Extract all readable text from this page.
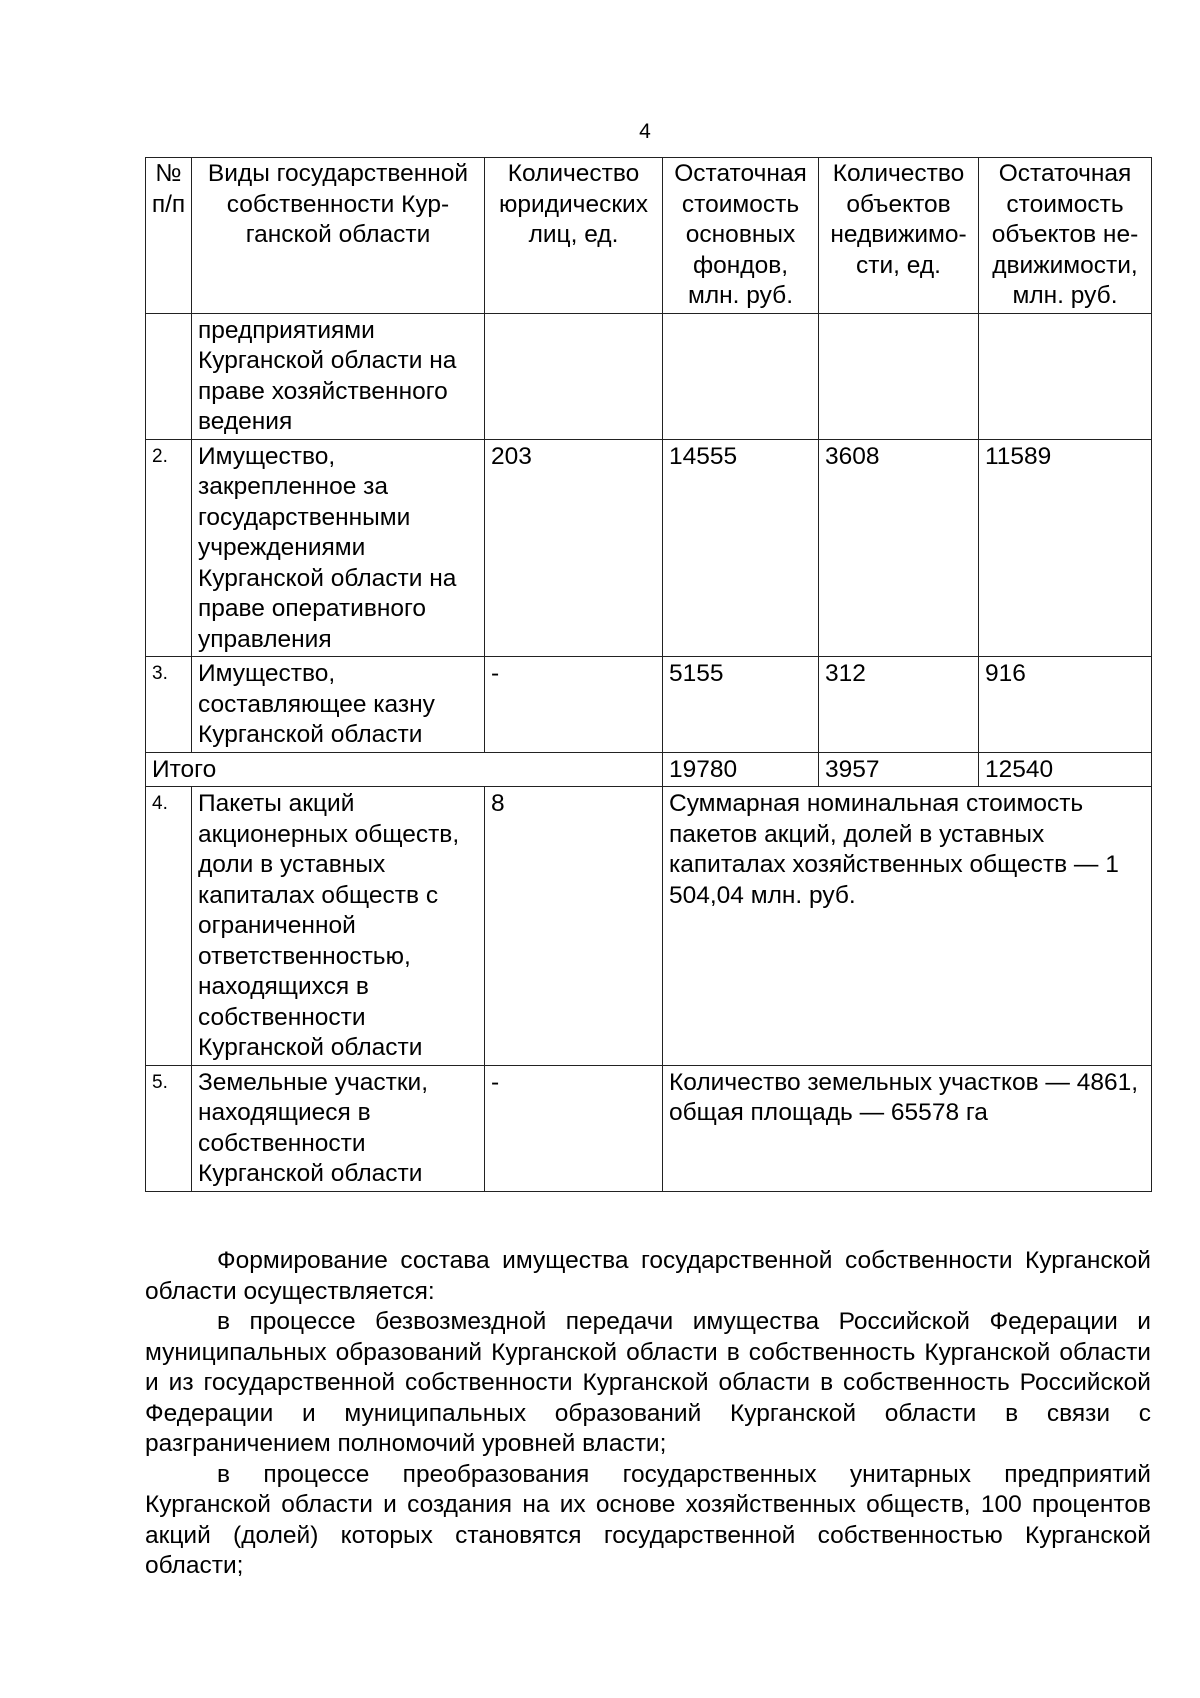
4
№ п/п	Виды государственной собственности Кур-ганской области	Количество юридических лиц, ед.	Остаточная стоимость основных фондов, млн. руб.	Количество объектов недвижимо-сти, ед.	Остаточная стоимость объектов не-движимости, млн. руб.
	предприятиями Курганской области на праве хозяйственного ведения				
2.	Имущество, закрепленное за государственными учреждениями Курганской области на праве оперативного управления	203	14555	3608	11589
3.	Имущество, составляющее казну Курганской области	-	5155	312	916
Итого			19780	3957	12540
4.	Пакеты акций акционерных обществ, доли в уставных капиталах обществ с ограниченной ответственностью, находящихся в собственности Курганской области	8	Суммарная номинальная стоимость пакетов акций, долей в уставных капиталах хозяйственных обществ — 1 504,04 млн. руб.		
5.	Земельные участки, находящиеся в собственности Курганской области	-	Количество земельных участков — 4861, общая площадь — 65578 га		

Формирование состава имущества государственной собственности Курганской области осуществляется:

в процессе безвозмездной передачи имущества Российской Федерации и муниципальных образований Курганской области в собственность Курганской области и из государственной собственности Курганской области в собственность Российской Федерации и муниципальных образований Курганской области в связи с разграничением полномочий уровней власти;

в процессе преобразования государственных унитарных предприятий Курганской области и создания на их основе хозяйственных обществ, 100 процентов акций (долей) которых становятся государственной собственностью Курганской области;
